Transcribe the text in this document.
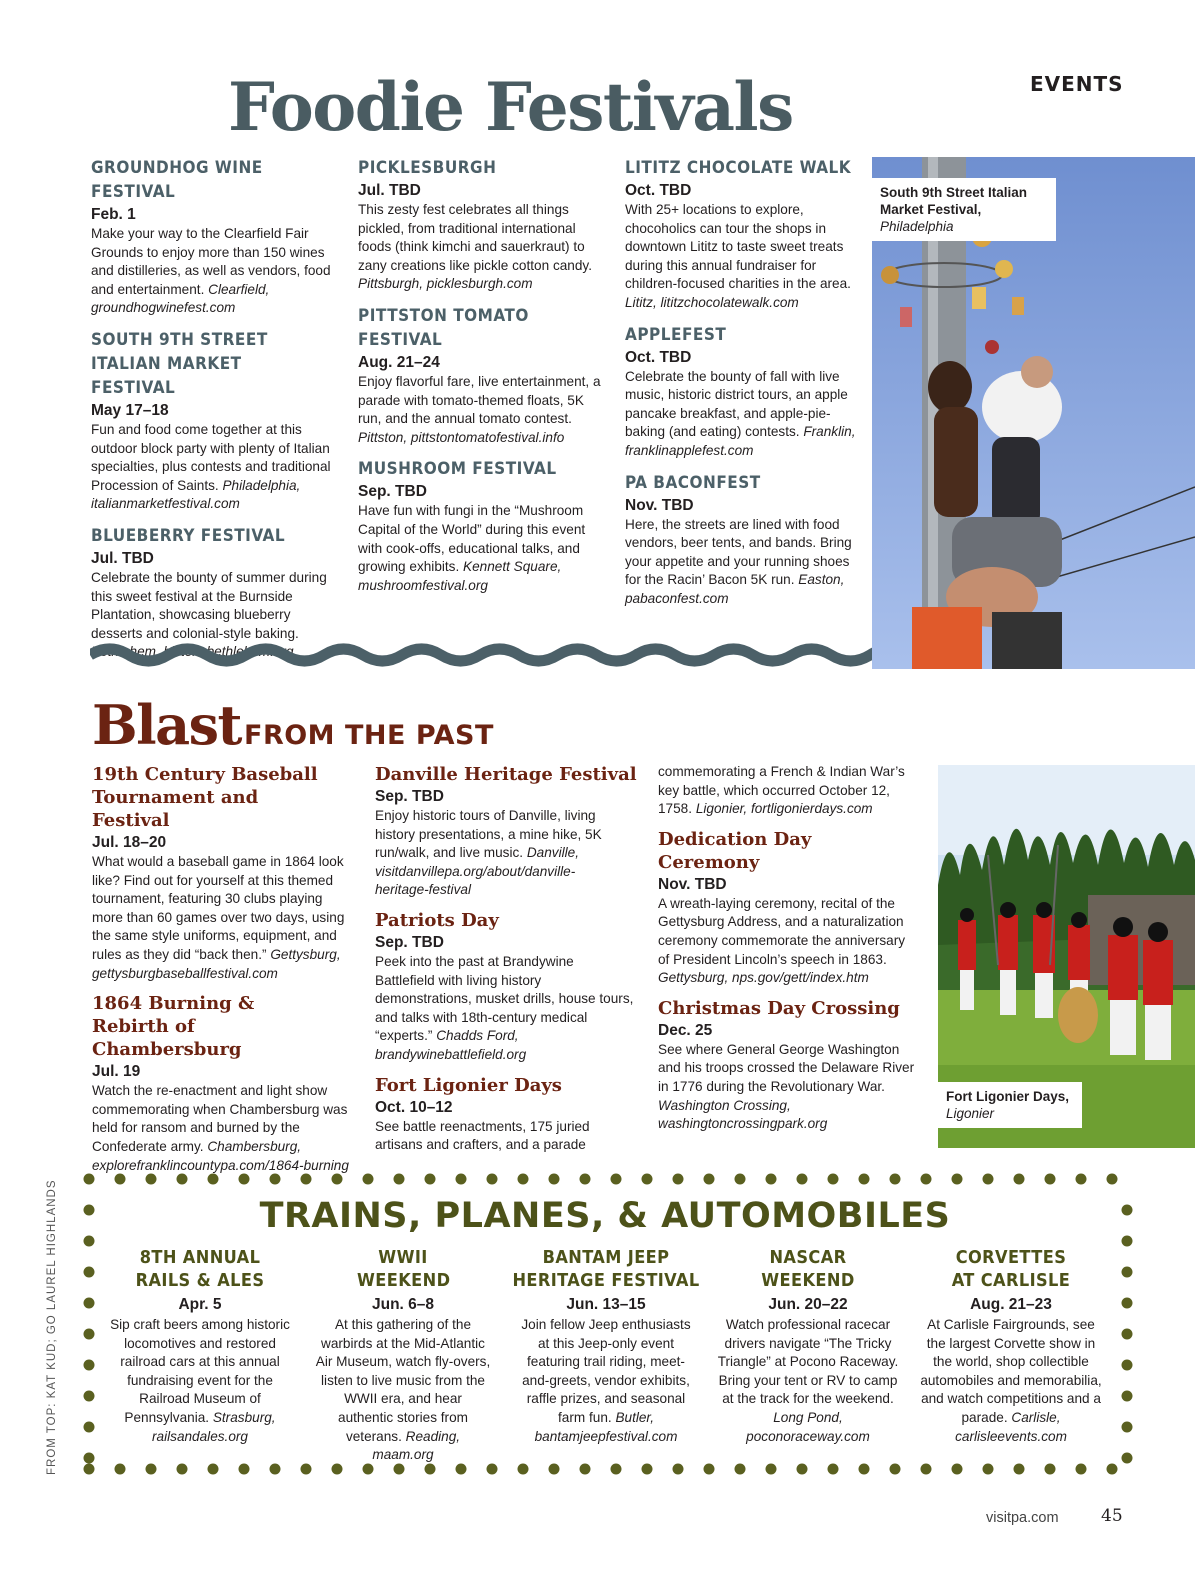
Foodie Festivals	EVENTS
GROUNDHOG WINE FESTIVAL

Feb. 1

Make your way to the Clearfield Fair Grounds to enjoy more than 150 wines and distilleries, as well as vendors, food and entertainment. Clearfield, groundhogwinefest.com

SOUTH 9TH STREET ITALIAN MARKET FESTIVAL

May 17–18

Fun and food come together at this outdoor block party with plenty of Italian specialties, plus contests and traditional Procession of Saints. Philadelphia, italianmarketfestival.com

BLUEBERRY FESTIVAL

Jul. TBD

Celebrate the bounty of summer during this sweet festival at the Burnside Plantation, showcasing blueberry desserts and colonial-style baking. Bethlehem, historicbethlehem.org

PICKLESBURGH

Jul. TBD

This zesty fest celebrates all things pickled, from traditional international foods (think kimchi and sauerkraut) to zany creations like pickle cotton candy. Pittsburgh, picklesburgh.com

PITTSTON TOMATO FESTIVAL

Aug. 21–24

Enjoy flavorful fare, live entertainment, a parade with tomato-themed floats, 5K run, and the annual tomato contest. Pittston, pittstontomatofestival.info

MUSHROOM FESTIVAL

Sep. TBD

Have fun with fungi in the “Mushroom Capital of the World” during this event with cook-offs, educational talks, and growing exhibits. Kennett Square, mushroomfestival.org

LITITZ CHOCOLATE WALK

Oct. TBD

With 25+ locations to explore, chocoholics can tour the shops in downtown Lititz to taste sweet treats during this annual fundraiser for children-focused charities in the area. Lititz, lititzchocolatewalk.com

APPLEFEST

Oct. TBD

Celebrate the bounty of fall with live music, historic district tours, an apple pancake breakfast, and apple-pie-baking (and eating) contests. Franklin, franklinapplefest.com

PA BACONFEST

Nov. TBD

Here, the streets are lined with food vendors, beer tents, and bands. Bring your appetite and your running shoes for the Racin’ Bacon 5K run. Easton, pabaconfest.com

South 9th Street Italian Market Festival,
Philadelphia
Blast FROM THE PAST
19th Century Baseball Tournament and Festival

Jul. 18–20

What would a baseball game in 1864 look like? Find out for yourself at this themed tournament, featuring 30 clubs playing more than 60 games over two days, using the same style uniforms, equipment, and rules as they did “back then.” Gettysburg, gettysburgbaseballfestival.com

1864 Burning & Rebirth of Chambersburg

Jul. 19

Watch the re-enactment and light show commemorating when Chambersburg was held for ransom and burned by the Confederate army. Chambersburg, explorefranklincountypa.com/1864-burning

Danville Heritage Festival

Sep. TBD

Enjoy historic tours of Danville, living history presentations, a mine hike, 5K run/walk, and live music. Danville, visitdanvillepa.org/about/danville-heritage-festival

Patriots Day

Sep. TBD

Peek into the past at Brandywine Battlefield with living history demonstrations, musket drills, house tours, and talks with 18th-century medical “experts.” Chadds Ford, brandywinebattlefield.org

Fort Ligonier Days

Oct. 10–12

See battle reenactments, 175 juried artisans and crafters, and a parade

commemorating a French & Indian War’s key battle, which occurred October 12, 1758. Ligonier, fortligonierdays.com

Dedication Day Ceremony

Nov. TBD

A wreath-laying ceremony, recital of the Gettysburg Address, and a naturalization ceremony commemorate the anniversary of President Lincoln’s speech in 1863. Gettysburg, nps.gov/gett/index.htm

Christmas Day Crossing

Dec. 25

See where General George Washington and his troops crossed the Delaware River in 1776 during the Revolutionary War. Washington Crossing, washingtoncrossingpark.org

Fort Ligonier Days,
Ligonier
TRAINS, PLANES, & AUTOMOBILES
8TH ANNUAL RAILS & ALES

Apr. 5

Sip craft beers among historic locomotives and restored railroad cars at this annual fundraising event for the Railroad Museum of Pennsylvania. Strasburg, railsandales.org

WWII WEEKEND

Jun. 6–8

At this gathering of the warbirds at the Mid-Atlantic Air Museum, watch fly-overs, listen to live music from the WWII era, and hear authentic stories from veterans. Reading, maam.org

BANTAM JEEP HERITAGE FESTIVAL

Jun. 13–15

Join fellow Jeep enthusiasts at this Jeep-only event featuring trail riding, meet-and-greets, vendor exhibits, raffle prizes, and seasonal farm fun. Butler, bantamjeepfestival.com

NASCAR WEEKEND

Jun. 20–22

Watch professional racecar drivers navigate “The Tricky Triangle” at Pocono Raceway. Bring your tent or RV to camp at the track for the weekend. Long Pond, poconoraceway.com

CORVETTES AT CARLISLE

Aug. 21–23

At Carlisle Fairgrounds, see the largest Corvette show in the world, shop collectible automobiles and memorabilia, and watch competitions and a parade. Carlisle, carlisleevents.com

FROM TOP: KAT KUD; GO LAUREL HIGHLANDS
visitpa.com 45
